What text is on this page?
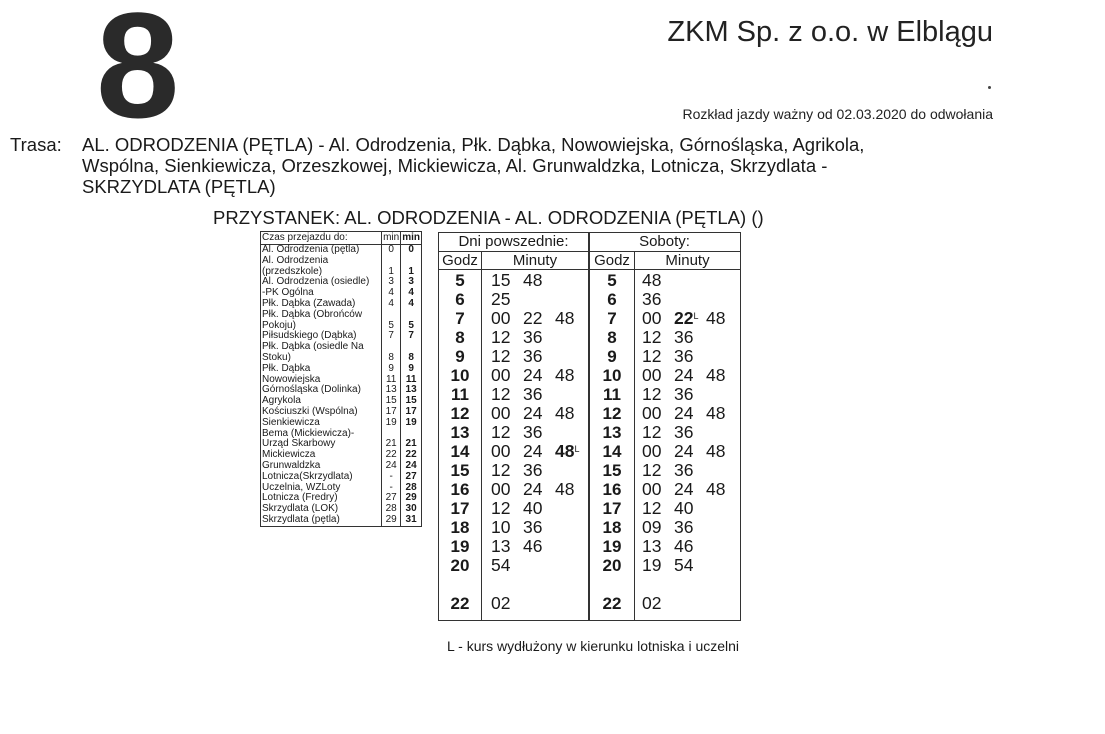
8	ZKM Sp. z o.o. w Elblągu
Rozkład jazdy ważny od 02.03.2020 do odwołania
Trasa: AL. ODRODZENIA (PĘTLA) - Al. Odrodzenia, Płk. Dąbka, Nowowiejska, Górnośląska, Agrikola,
Wspólna, Sienkiewicza, Orzeszkowej, Mickiewicza, Al. Grunwaldzka, Lotnicza, Skrzydlata -
SKRZYDLATA (PĘTLA)
PRZYSTANEK: AL. ODRODZENIA - AL. ODRODZENIA (PĘTLA) ()
Czas przejazdu do:	min	min
Al. Odrodzenia (pętla)	0	0
Al. Odrodzenia (przedszkole)	1	1
Al. Odrodzenia (osiedle)	3	3
-PK Ogólna	4	4
Płk. Dąbka (Zawada)	4	4
Płk. Dąbka (Obrońców Pokoju)	5	5
Piłsudskiego (Dąbka)	7	7
Płk. Dąbka (osiedle Na Stoku)	8	8
Płk. Dąbka	9	9
Nowowiejska	11	11
Górnośląska (Dolinka)	13	13
Agrykola	15	15
Kościuszki (Wspólna)	17	17
Sienkiewicza	19	19
Bema (Mickiewicza)-Urząd Skarbowy	21	21
Mickiewicza	22	22
Grunwaldzka	24	24
Lotnicza(Skrzydlata)	-	27
Uczelnia, WZLoty	-	28
Lotnicza (Fredry)	27	29
Skrzydlata (LOK)	28	30
Skrzydlata (pętla)	29	31
Dni powszednie:	Soboty:
Godz	Minuty	Godz	Minuty
5	15 48
6	25
7	00 22 48
8	12 36
9	12 36
10	00 24 48
11	12 36
12	00 24 48
13	12 36
14	00 24 $48^L$
15	12 36
16	00 24 48
17	12 40
18	10 36
19	13 46
20	54
22	02
5	48
6	36
7	00 $22^L$ 48
8	12 36
9	12 36
10	00 24 48
11	12 36
12	00 24 48
13	12 36
14	00 24 48
15	12 36
16	00 24 48
17	12 40
18	09 36
19	13 46
20	19 54
22	02
L - kurs wydłużony w kierunku lotniska i uczelni
